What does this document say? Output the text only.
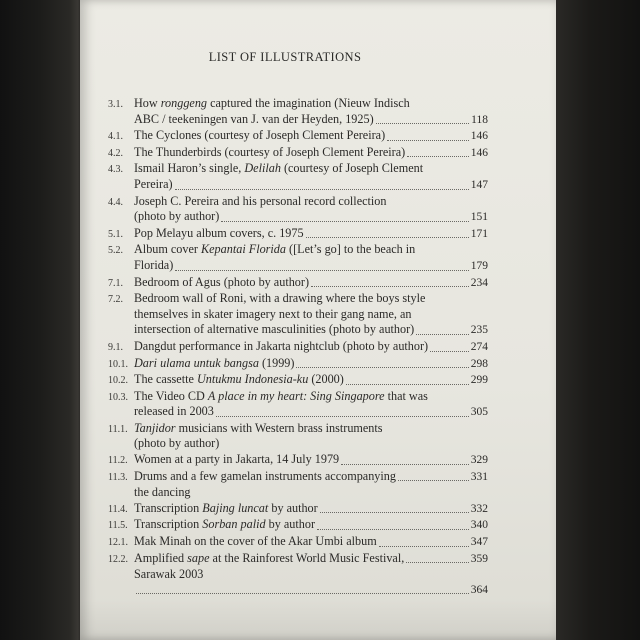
LIST OF ILLUSTRATIONS
3.1. How ronggeng captured the imagination (Nieuw Indisch
ABC / teekeningen van J. van der Heyden, 1925)	118
4.1. The Cyclones (courtesy of Joseph Clement Pereira)	146
4.2. The Thunderbirds (courtesy of Joseph Clement Pereira)	146
4.3. Ismail Haron’s single, Delilah (courtesy of Joseph Clement
Pereira)	147
4.4. Joseph C. Pereira and his personal record collection
(photo by author)	151
5.1. Pop Melayu album covers, c. 1975	171
5.2. Album cover Kepantai Florida ([Let’s go] to the beach in
Florida)	179
7.1. Bedroom of Agus (photo by author)	234
7.2. Bedroom wall of Roni, with a drawing where the boys style
themselves in skater imagery next to their gang name, an
intersection of alternative masculinities (photo by author)	235
9.1. Dangdut performance in Jakarta nightclub (photo by author)	274
10.1. Dari ulama untuk bangsa (1999)	298
10.2. The cassette Untukmu Indonesia-ku (2000)	299
10.3. The Video CD A place in my heart: Sing Singapore that was
released in 2003	305
11.1. Tanjidor musicians with Western brass instruments
(photo by author)
11.2. Women at a party in Jakarta, 14 July 1979	329
11.3. Drums and a few gamelan instruments accompanying	331
the dancing
11.4. Transcription Bajing luncat by author	332
11.5. Transcription Sorban palid by author	340
12.1. Mak Minah on the cover of the Akar Umbi album	347
12.2. Amplified sape at the Rainforest World Music Festival,	359
Sarawak 2003
364
